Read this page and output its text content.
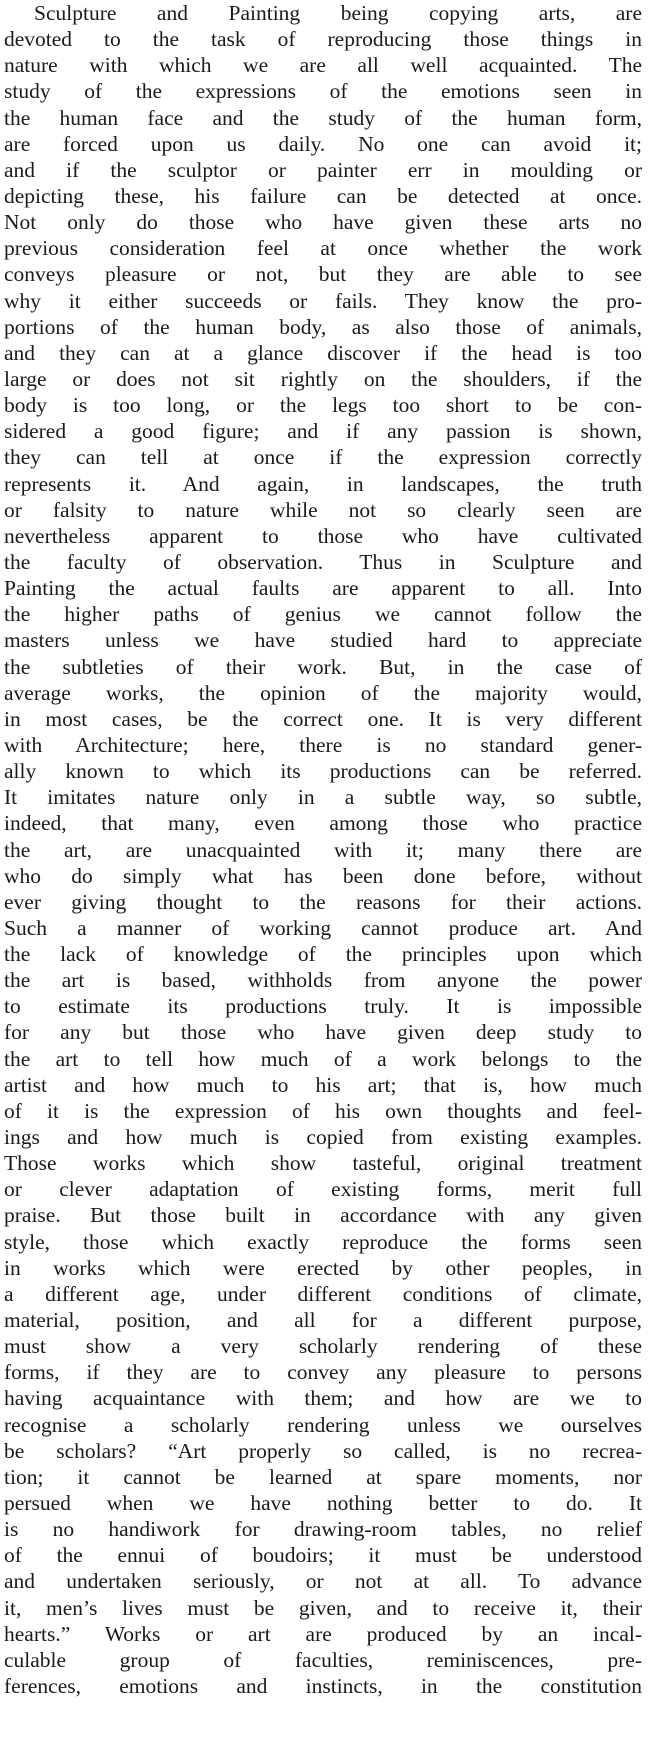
Sculpture and Painting being copying arts, are
devoted to the task of reproducing those things in
nature with which we are all well acquainted. The
study of the expressions of the emotions seen in
the human face and the study of the human form,
are forced upon us daily. No one can avoid it;
and if the sculptor or painter err in moulding or
depicting these, his failure can be detected at once.
Not only do those who have given these arts no
previous consideration feel at once whether the work
conveys pleasure or not, but they are able to see
why it either succeeds or fails. They know the pro-
portions of the human body, as also those of animals,
and they can at a glance discover if the head is too
large or does not sit rightly on the shoulders, if the
body is too long, or the legs too short to be con-
sidered a good figure; and if any passion is shown,
they can tell at once if the expression correctly
represents it. And again, in landscapes, the truth
or falsity to nature while not so clearly seen are
nevertheless apparent to those who have cultivated
the faculty of observation. Thus in Sculpture and
Painting the actual faults are apparent to all. Into
the higher paths of genius we cannot follow the
masters unless we have studied hard to appreciate
the subtleties of their work. But, in the case of
average works, the opinion of the majority would,
in most cases, be the correct one. It is very different
with Architecture; here, there is no standard gener-
ally known to which its productions can be referred.
It imitates nature only in a subtle way, so subtle,
indeed, that many, even among those who practice
the art, are unacquainted with it; many there are
who do simply what has been done before, without
ever giving thought to the reasons for their actions.
Such a manner of working cannot produce art. And
the lack of knowledge of the principles upon which
the art is based, withholds from anyone the power
to estimate its productions truly. It is impossible
for any but those who have given deep study to
the art to tell how much of a work belongs to the
artist and how much to his art; that is, how much
of it is the expression of his own thoughts and feel-
ings and how much is copied from existing examples.
Those works which show tasteful, original treatment
or clever adaptation of existing forms, merit full
praise. But those built in accordance with any given
style, those which exactly reproduce the forms seen
in works which were erected by other peoples, in
a different age, under different conditions of climate,
material, position, and all for a different purpose,
must show a very scholarly rendering of these
forms, if they are to convey any pleasure to persons
having acquaintance with them; and how are we to
recognise a scholarly rendering unless we ourselves
be scholars? “Art properly so called, is no recrea-
tion; it cannot be learned at spare moments, nor
persued when we have nothing better to do. It
is no handiwork for drawing-room tables, no relief
of the ennui of boudoirs; it must be understood
and undertaken seriously, or not at all. To advance
it, men’s lives must be given, and to receive it, their
hearts.” Works or art are produced by an incal-
culable group of faculties, reminiscences, pre-
ferences, emotions and instincts, in the constitution
